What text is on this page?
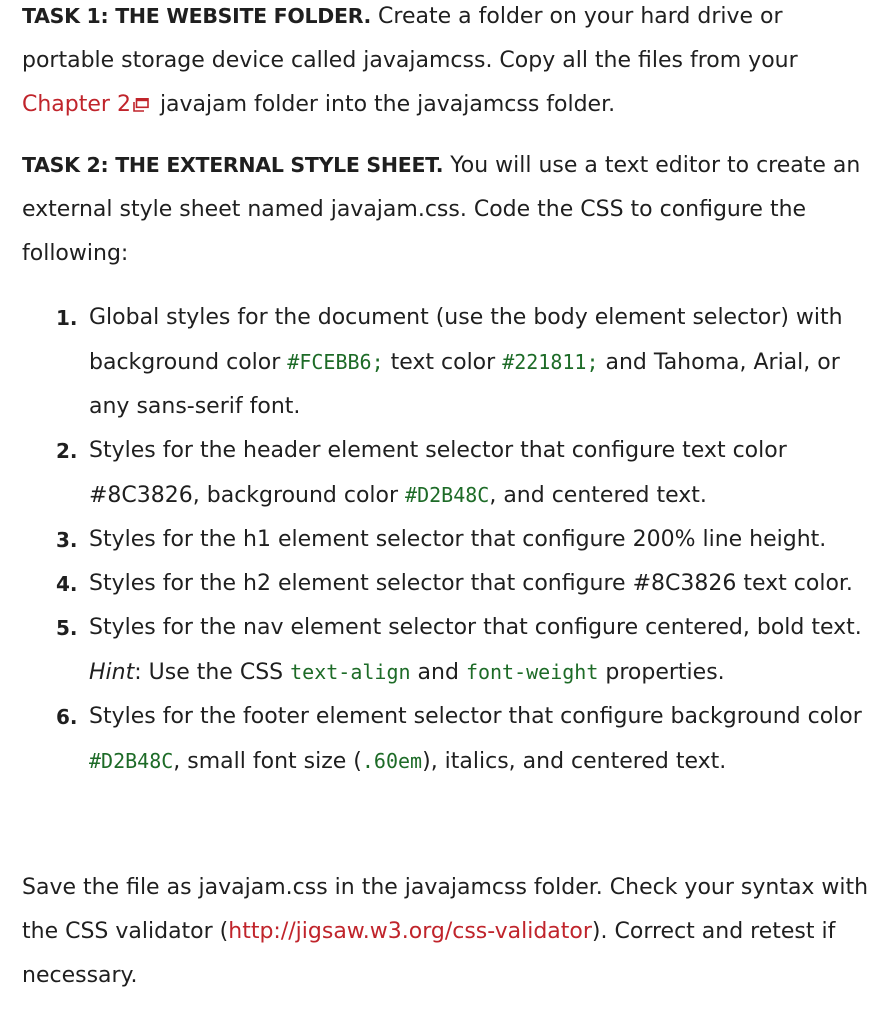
TASK 1: THE WEBSITE FOLDER. Create a folder on your hard drive or portable storage device called javajamcss. Copy all the files from your Chapter 2 javajam folder into the javajamcss folder.

TASK 2: THE EXTERNAL STYLE SHEET. You will use a text editor to create an external style sheet named javajam.css. Code the CSS to configure the following:

1. Global styles for the document (use the body element selector) with background color #FCEBB6; text color #221811; and Tahoma, Arial, or any sans-serif font.
2. Styles for the header element selector that configure text color #8C3826, background color #D2B48C, and centered text.
3. Styles for the h1 element selector that configure 200% line height.
4. Styles for the h2 element selector that configure #8C3826 text color.
5. Styles for the nav element selector that configure centered, bold text. Hint: Use the CSS text-align and font-weight properties.
6. Styles for the footer element selector that configure background color #D2B48C, small font size (.60em), italics, and centered text.

Save the file as javajam.css in the javajamcss folder. Check your syntax with the CSS validator (http://jigsaw.w3.org/css-validator). Correct and retest if necessary.
